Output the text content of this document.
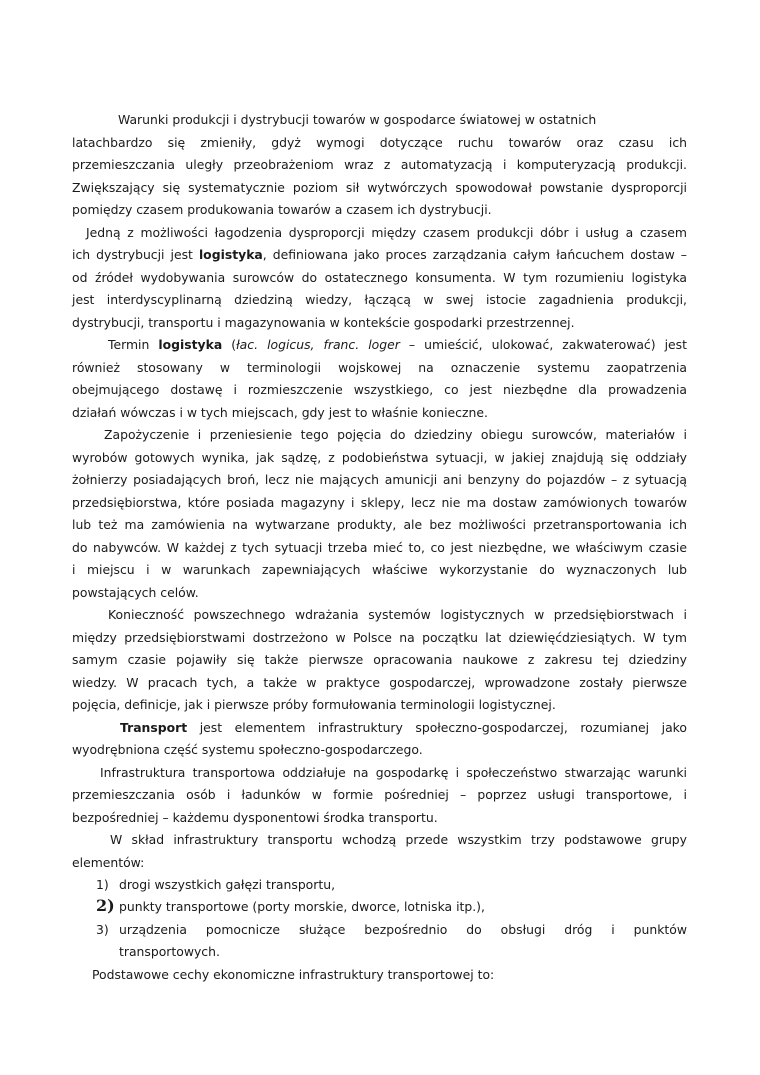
Warunki produkcji i dystrybucji towarów w gospodarce światowej w ostatnich
latachbardzo się zmieniły, gdyż wymogi dotyczące ruchu towarów oraz czasu ich
przemieszczania uległy przeobrażeniom wraz z automatyzacją i komputeryzacją produkcji.
Zwiększający się systematycznie poziom sił wytwórczych spowodował powstanie dysproporcji
pomiędzy czasem produkowania towarów a czasem ich dystrybucji.
Jedną z możliwości łagodzenia dysproporcji między czasem produkcji dóbr i usług a czasem
ich dystrybucji jest logistyka, definiowana jako proces zarządzania całym łańcuchem dostaw –
od źródeł wydobywania surowców do ostatecznego konsumenta. W tym rozumieniu logistyka
jest interdyscyplinarną dziedziną wiedzy, łączącą w swej istocie zagadnienia produkcji,
dystrybucji, transportu i magazynowania w kontekście gospodarki przestrzennej.
Termin logistyka (łac. logicus, franc. loger – umieścić, ulokować, zakwaterować) jest
również stosowany w terminologii wojskowej na oznaczenie systemu zaopatrzenia
obejmującego dostawę i rozmieszczenie wszystkiego, co jest niezbędne dla prowadzenia
działań wówczas i w tych miejscach, gdy jest to właśnie konieczne.
Zapożyczenie i przeniesienie tego pojęcia do dziedziny obiegu surowców, materiałów i
wyrobów gotowych wynika, jak sądzę, z podobieństwa sytuacji, w jakiej znajdują się oddziały
żołnierzy posiadających broń, lecz nie mających amunicji ani benzyny do pojazdów – z sytuacją
przedsiębiorstwa, które posiada magazyny i sklepy, lecz nie ma dostaw zamówionych towarów
lub też ma zamówienia na wytwarzane produkty, ale bez możliwości przetransportowania ich
do nabywców. W każdej z tych sytuacji trzeba mieć to, co jest niezbędne, we właściwym czasie
i miejscu i w warunkach zapewniających właściwe wykorzystanie do wyznaczonych lub
powstających celów.
Konieczność powszechnego wdrażania systemów logistycznych w przedsiębiorstwach i
między przedsiębiorstwami dostrzeżono w Polsce na początku lat dziewięćdziesiątych. W tym
samym czasie pojawiły się także pierwsze opracowania naukowe z zakresu tej dziedziny
wiedzy. W pracach tych, a także w praktyce gospodarczej, wprowadzone zostały pierwsze
pojęcia, definicje, jak i pierwsze próby formułowania terminologii logistycznej.
Transport jest elementem infrastruktury społeczno-gospodarczej, rozumianej jako
wyodrębniona część systemu społeczno-gospodarczego.
Infrastruktura transportowa oddziałuje na gospodarkę i społeczeństwo stwarzając warunki
przemieszczania osób i ładunków w formie pośredniej – poprzez usługi transportowe, i
bezpośredniej – każdemu dysponentowi środka transportu.
W skład infrastruktury transportu wchodzą przede wszystkim trzy podstawowe grupy
elementów:
1) drogi wszystkich gałęzi transportu,
2) punkty transportowe (porty morskie, dworce, lotniska itp.),
3) urządzenia pomocnicze służące bezpośrednio do obsługi dróg i punktów
transportowych.
Podstawowe cechy ekonomiczne infrastruktury transportowej to:
